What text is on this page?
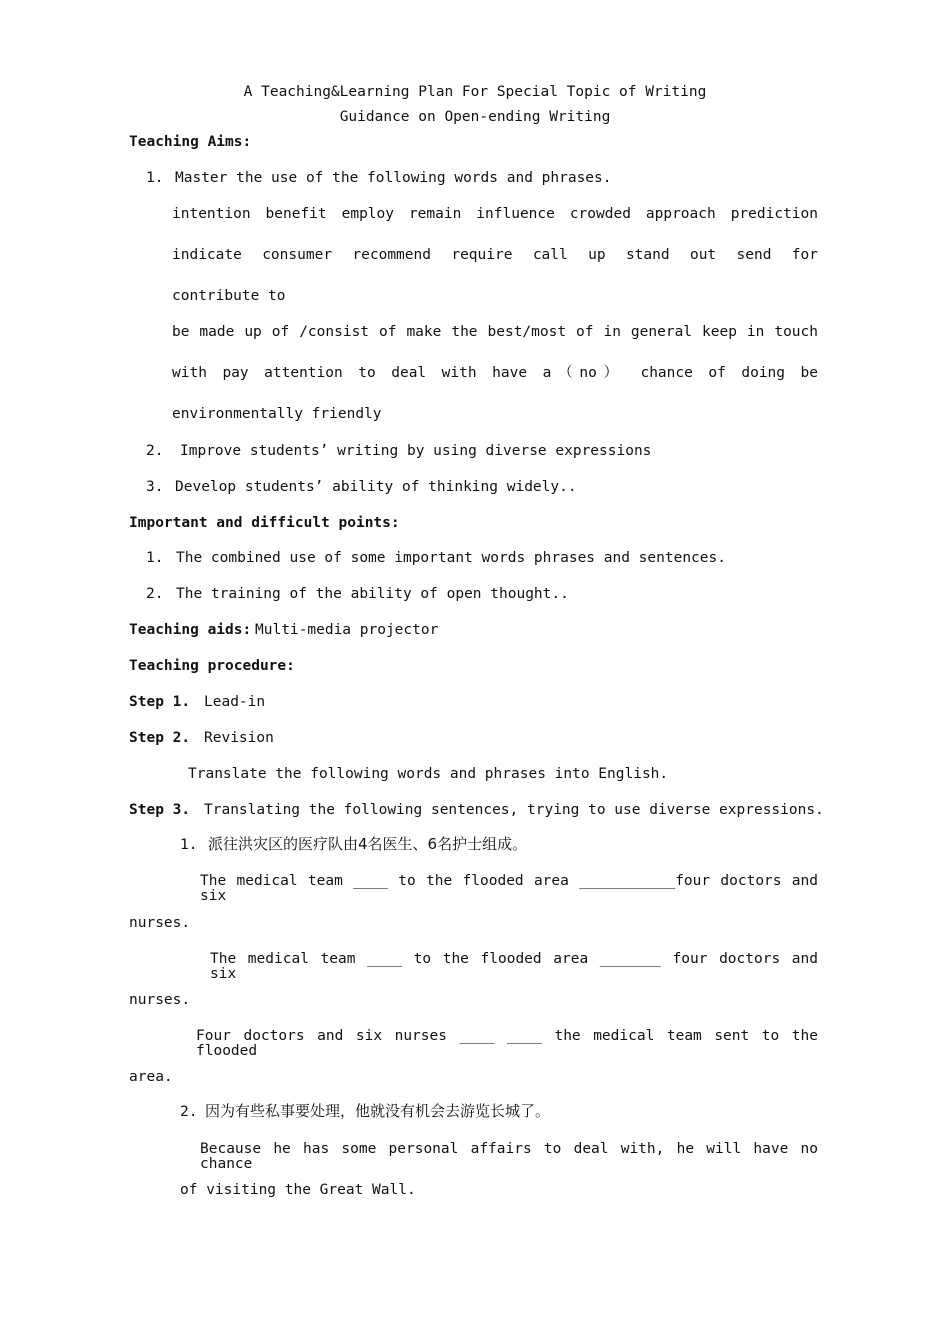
A Teaching&Learning Plan For Special Topic of Writing
Guidance on Open-ending Writing
Teaching Aims:
1. Master the use of the following words and phrases.
intention benefit employ remain influence crowded approach prediction
indicate consumer recommend require call up stand out send for
contribute to
be made up of /consist of make the best/most of in general keep in touch
with pay attention to deal with have a（no） chance of doing be
environmentally friendly
2. Improve students’ writing by using diverse expressions
3. Develop students’ ability of thinking widely..
Important and difficult points:
1. The combined use of some important words phrases and sentences.
2. The training of the ability of open thought..
Teaching aids: Multi-media projector
Teaching procedure:
Step 1. Lead-in
Step 2. Revision
Translate the following words and phrases into English.
Step 3. Translating the following sentences, trying to use diverse expressions.
1. 派往洪灾区的医疗队由4名医生、6名护士组成。
The medical team ____ to the flooded area ___________four doctors and six
nurses.
The medical team ____ to the flooded area _______ four doctors and six
nurses.
Four doctors and six nurses ____ ____ the medical team sent to the flooded
area.
2. 因为有些私事要处理，他就没有机会去游览长城了。
Because he has some personal affairs to deal with, he will have no chance
of visiting the Great Wall.
